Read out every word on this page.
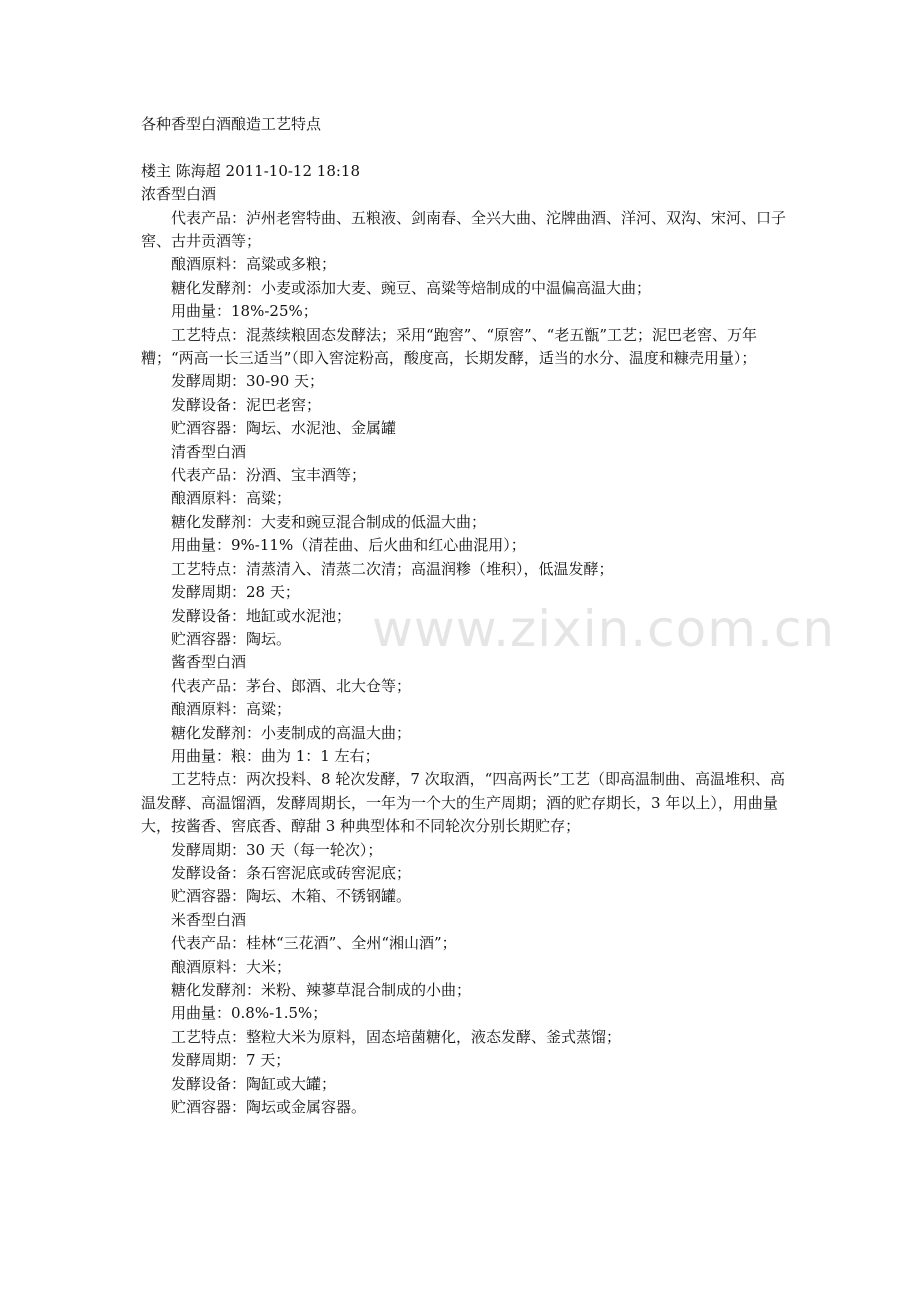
各种香型白酒酿造工艺特点

楼主 陈海超 2011-10-12 18:18

浓香型白酒

代表产品：泸州老窖特曲、五粮液、剑南春、全兴大曲、沱牌曲酒、洋河、双沟、宋河、口子窖、古井贡酒等；

酿酒原料：高粱或多粮；

糖化发酵剂：小麦或添加大麦、豌豆、高粱等焙制成的中温偏高温大曲；

用曲量：18%-25%；

工艺特点：混蒸续粮固态发酵法；采用“跑窖”、“原窖”、“老五甑”工艺；泥巴老窖、万年糟；“两高一长三适当”（即入窖淀粉高，酸度高，长期发酵，适当的水分、温度和糠壳用量）；

发酵周期：30-90 天；

发酵设备：泥巴老窖；

贮酒容器：陶坛、水泥池、金属罐

清香型白酒

代表产品：汾酒、宝丰酒等；

酿酒原料：高粱；

糖化发酵剂：大麦和豌豆混合制成的低温大曲；

用曲量：9%-11%（清茬曲、后火曲和红心曲混用）；

工艺特点：清蒸清入、清蒸二次清；高温润糁（堆积），低温发酵；

发酵周期：28 天；

发酵设备：地缸或水泥池；

贮酒容器：陶坛。

酱香型白酒

代表产品：茅台、郎酒、北大仓等；

酿酒原料：高粱；

糖化发酵剂：小麦制成的高温大曲；

用曲量：粮：曲为 1：1 左右；

工艺特点：两次投料、8 轮次发酵，7 次取酒，“四高两长”工艺（即高温制曲、高温堆积、高温发酵、高温馏酒，发酵周期长，一年为一个大的生产周期；酒的贮存期长，3 年以上），用曲量大，按酱香、窖底香、醇甜 3 种典型体和不同轮次分别长期贮存；

发酵周期：30 天（每一轮次）；

发酵设备：条石窖泥底或砖窖泥底；

贮酒容器：陶坛、木箱、不锈钢罐。

米香型白酒

代表产品：桂林“三花酒”、全州“湘山酒”；

酿酒原料：大米；

糖化发酵剂：米粉、辣蓼草混合制成的小曲；

用曲量：0.8%-1.5%；

工艺特点：整粒大米为原料，固态培菌糖化，液态发酵、釜式蒸馏；

发酵周期：7 天；

发酵设备：陶缸或大罐；

贮酒容器：陶坛或金属容器。

www.zixin.com.cn
